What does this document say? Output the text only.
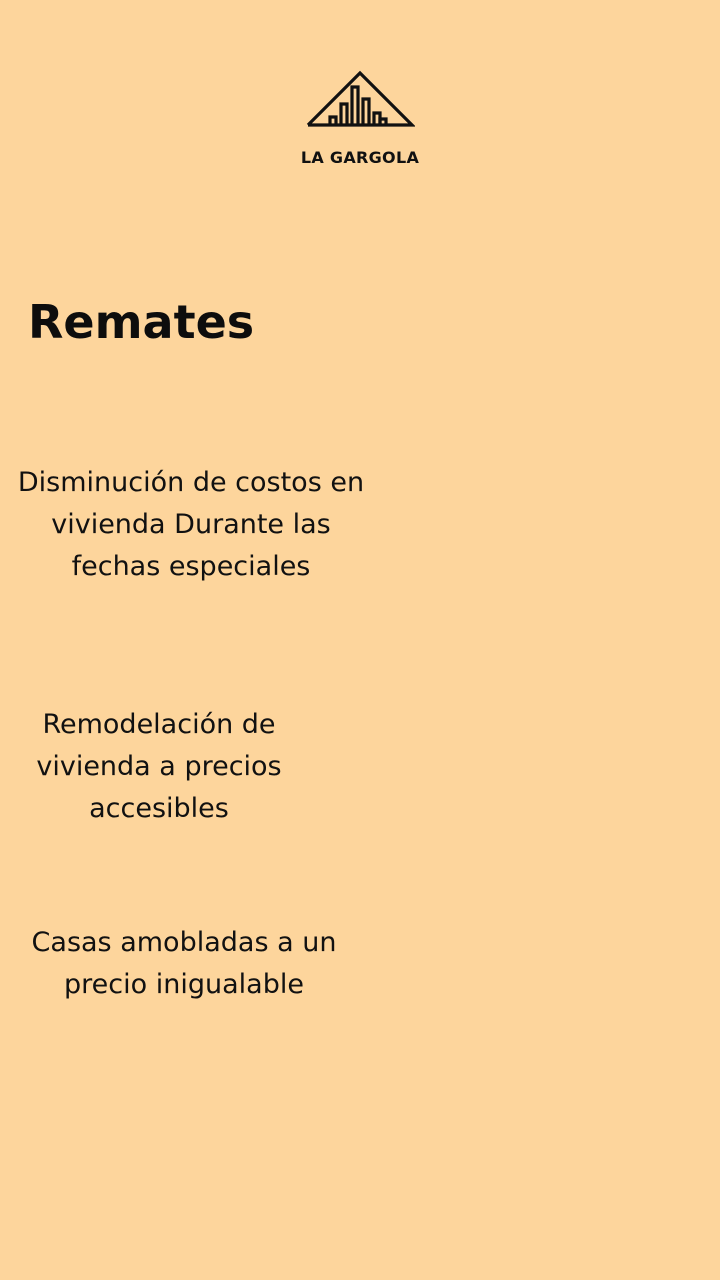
LA GARGOLA
Remates

Disminución de costos en vivienda Durante las fechas especiales

Remodelación de vivienda a precios accesibles

Casas amobladas a un precio inigualable
